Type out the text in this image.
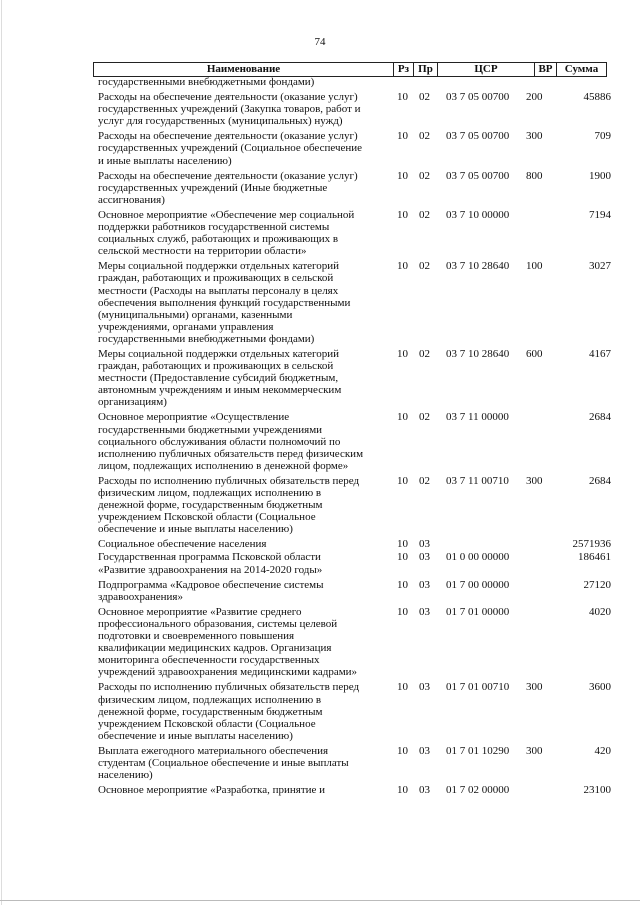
74
Наименование	Рз Пр	ЦСР	ВР	Сумма
государственными внебюджетными фондами)
Расходы на обеспечение деятельности (оказание услуг)
государственных учреждений (Закупка товаров, работ и
услуг для государственных (муниципальных) нужд)
10 02 03 7 05 00700 200	45886
Расходы на обеспечение деятельности (оказание услуг)
государственных учреждений (Социальное обеспечение
и иные выплаты населению)
10 02 03 7 05 00700 300	709
Расходы на обеспечение деятельности (оказание услуг)
государственных учреждений (Иные бюджетные
ассигнования)
10 02 03 7 05 00700 800	1900
Основное мероприятие «Обеспечение мер социальной
поддержки работников государственной системы
социальных служб, работающих и проживающих в
сельской местности на территории области»
10 02 03 7 10 00000	7194
Меры социальной поддержки отдельных категорий
граждан, работающих и проживающих в сельской
местности (Расходы на выплаты персоналу в целях
обеспечения выполнения функций государственными
(муниципальными) органами, казенными
учреждениями, органами управления
государственными внебюджетными фондами)
10 02 03 7 10 28640 100	3027
Меры социальной поддержки отдельных категорий
граждан, работающих и проживающих в сельской
местности (Предоставление субсидий бюджетным,
автономным учреждениям и иным некоммерческим
организациям)
10 02 03 7 10 28640 600	4167
Основное мероприятие «Осуществление
государственными бюджетными учреждениями
социального обслуживания области полномочий по
исполнению публичных обязательств перед физическим
лицом, подлежащих исполнению в денежной форме»
10 02 03 7 11 00000	2684
Расходы по исполнению публичных обязательств перед
физическим лицом, подлежащих исполнению в
денежной форме, государственным бюджетным
учреждением Псковской области (Социальное
обеспечение и иные выплаты населению)
10 02 03 7 11 00710 300	2684
Социальное обеспечение населения	10 03	2571936
Государственная программа Псковской области
«Развитие здравоохранения на 2014-2020 годы»
10 03 01 0 00 00000	186461
Подпрограмма «Кадровое обеспечение системы
здравоохранения»
10 03 01 7 00 00000	27120
Основное мероприятие «Развитие среднего
профессионального образования, системы целевой
подготовки и своевременного повышения
квалификации медицинских кадров. Организация
мониторинга обеспеченности государственных
учреждений здравоохранения медицинскими кадрами»
10 03 01 7 01 00000	4020
Расходы по исполнению публичных обязательств перед
физическим лицом, подлежащих исполнению в
денежной форме, государственным бюджетным
учреждением Псковской области (Социальное
обеспечение и иные выплаты населению)
10 03 01 7 01 00710 300	3600
Выплата ежегодного материального обеспечения
студентам (Социальное обеспечение и иные выплаты
населению)
10 03 01 7 01 10290 300	420
Основное мероприятие «Разработка, принятие и	10 03 01 7 02 00000	23100
